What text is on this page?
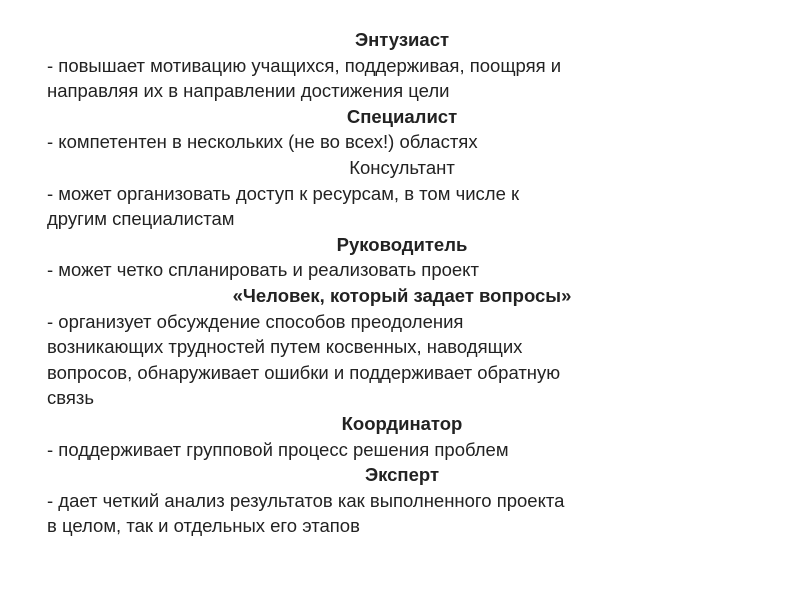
Энтузиаст
- повышает мотивацию учащихся, поддерживая, поощряя и
направляя их в направлении достижения цели
Специалист
- компетентен в нескольких (не во всех!) областях
Консультант
- может организовать доступ к ресурсам, в том числе к
другим специалистам
Руководитель
- может четко спланировать и реализовать проект
«Человек, который задает вопросы»
- организует обсуждение способов преодоления
возникающих трудностей путем косвенных, наводящих
вопросов, обнаруживает ошибки и поддерживает обратную
связь
Координатор
- поддерживает групповой процесс решения проблем
Эксперт
- дает четкий анализ результатов как выполненного проекта
в целом, так и отдельных его этапов
